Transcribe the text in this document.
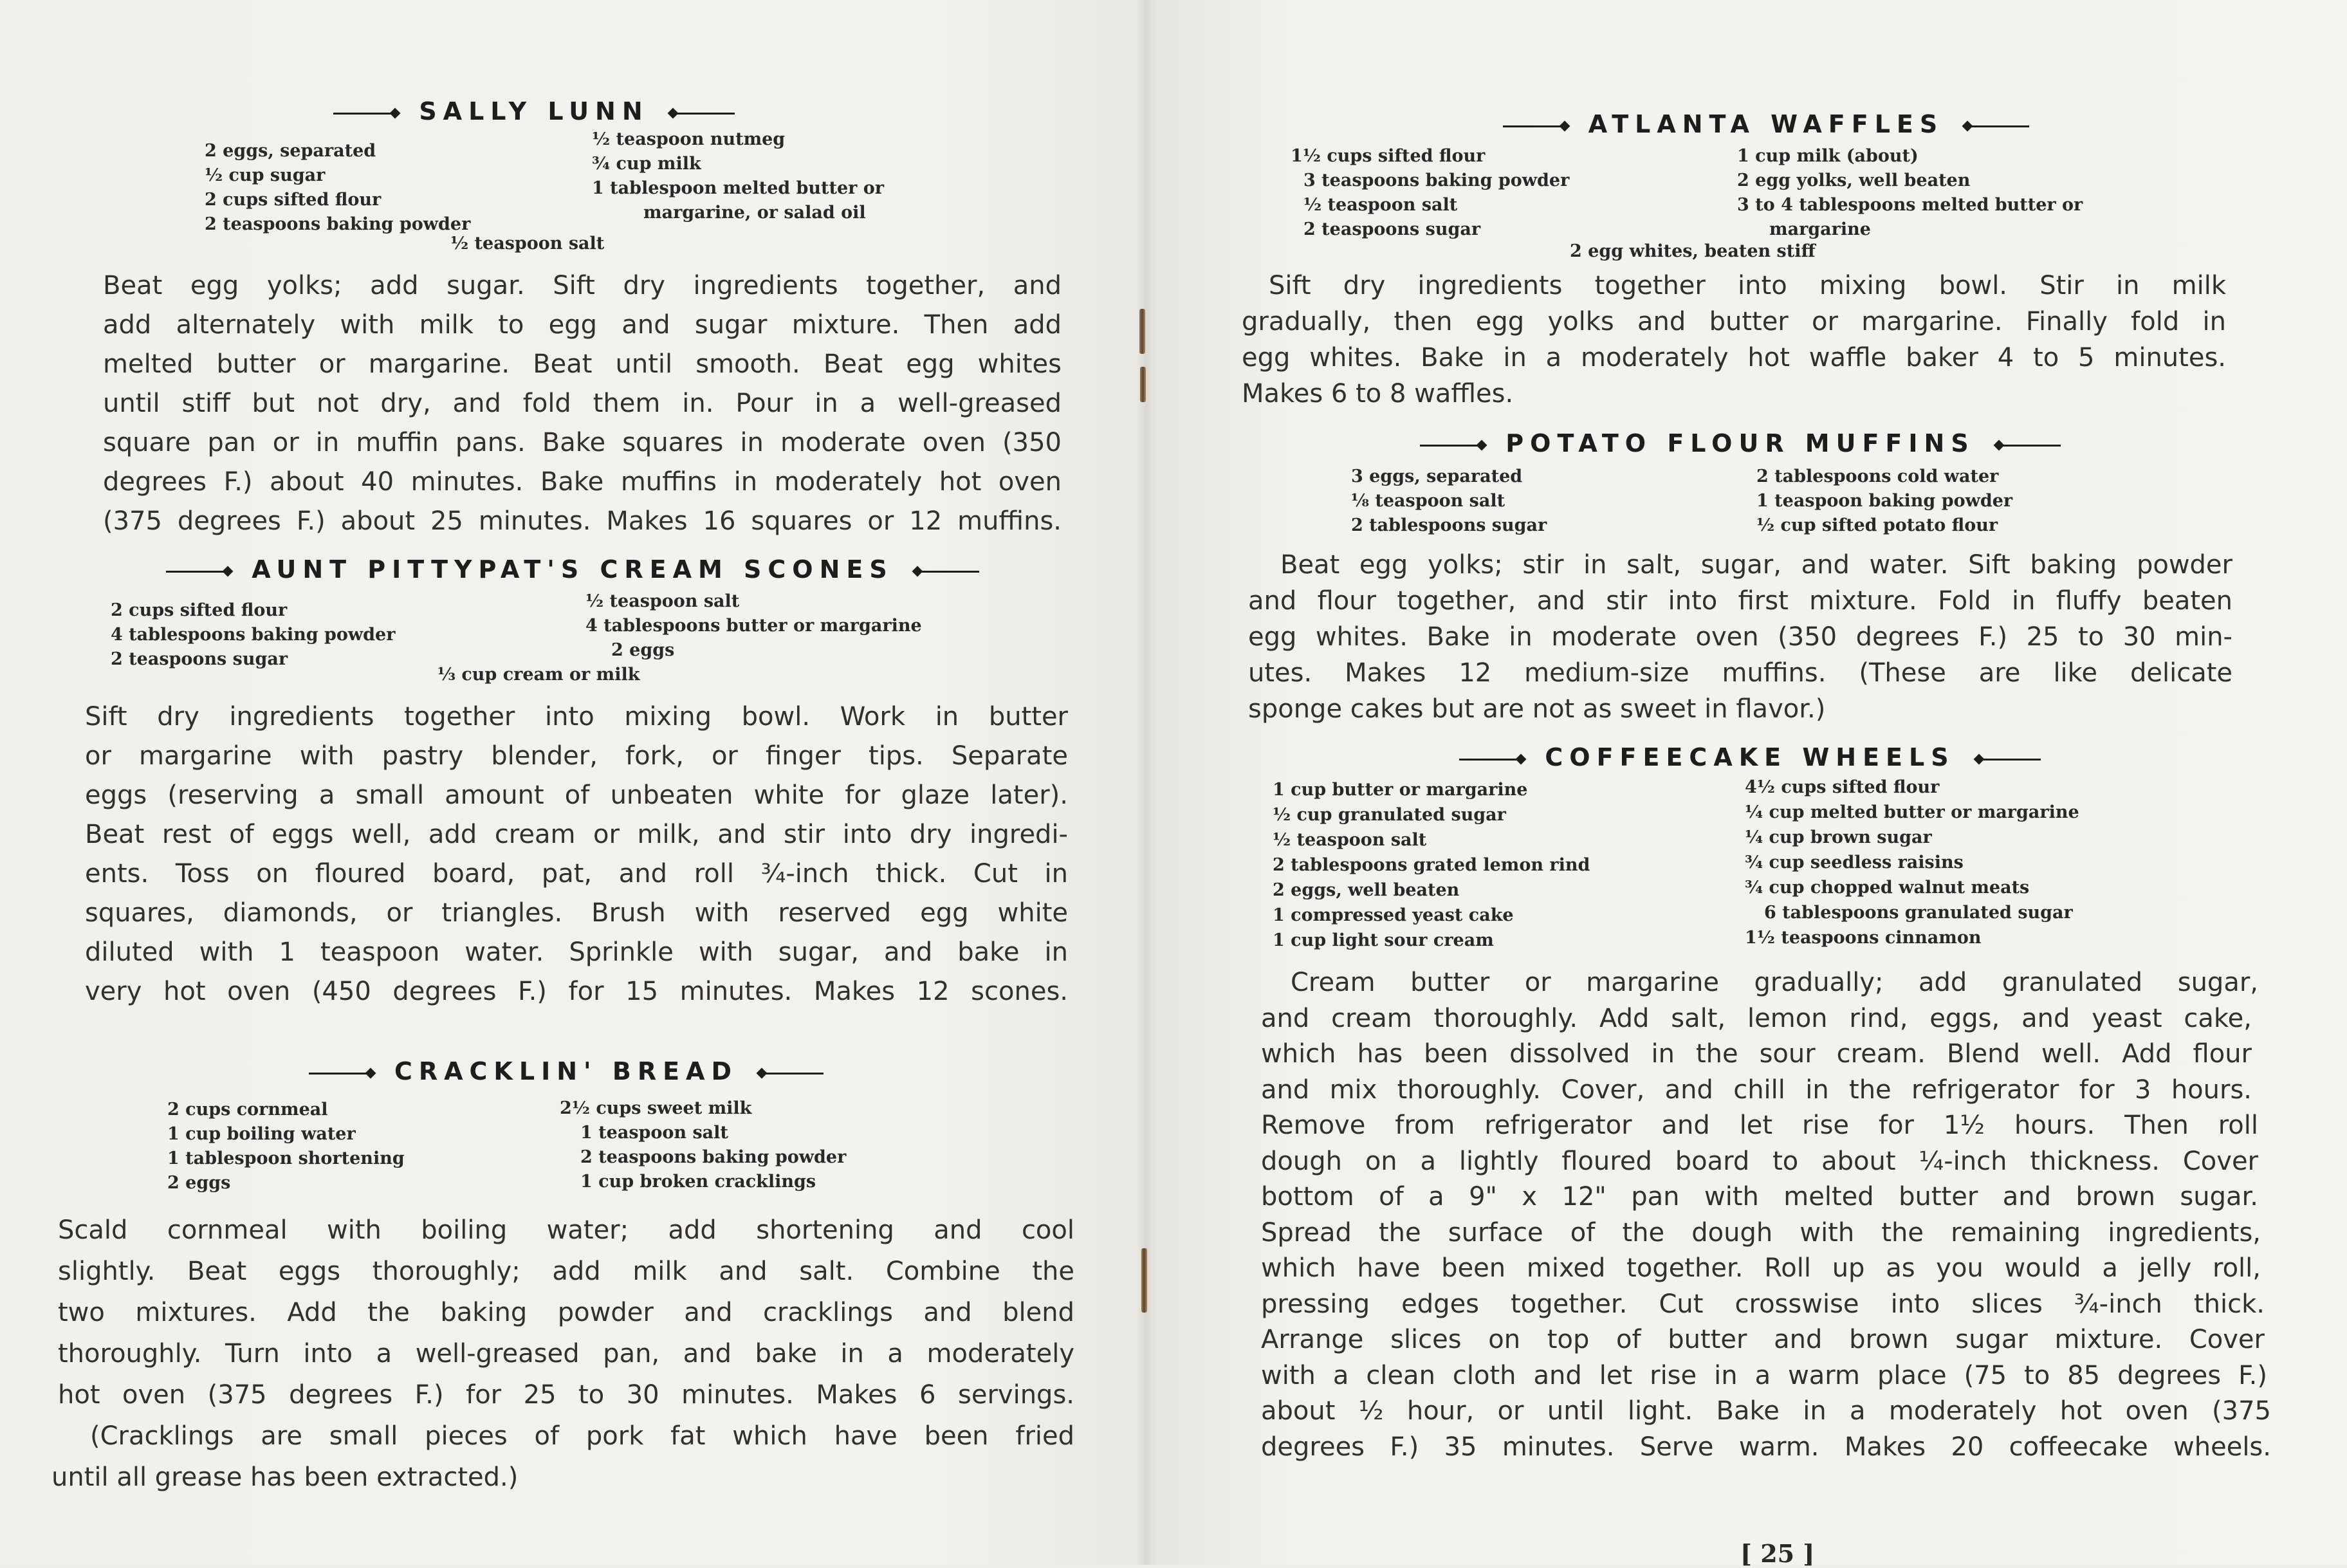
SALLY LUNN
2 eggs, separated
½ cup sugar
2 cups sifted flour
2 teaspoons baking powder
½ teaspoon nutmeg
¾ cup milk
1 tablespoon melted butter or
margarine, or salad oil
½ teaspoon salt
Beat egg yolks; add sugar. Sift dry ingredients together, and
add alternately with milk to egg and sugar mixture. Then add
melted butter or margarine. Beat until smooth. Beat egg whites
until stiff but not dry, and fold them in. Pour in a well-greased
square pan or in muffin pans. Bake squares in moderate oven (350
degrees F.) about 40 minutes. Bake muffins in moderately hot oven
(375 degrees F.) about 25 minutes. Makes 16 squares or 12 muffins.
AUNT PITTYPAT'S CREAM SCONES
2 cups sifted flour
4 tablespoons baking powder
2 teaspoons sugar
½ teaspoon salt
4 tablespoons butter or margarine
2 eggs
⅓ cup cream or milk
Sift dry ingredients together into mixing bowl. Work in butter
or margarine with pastry blender, fork, or finger tips. Separate
eggs (reserving a small amount of unbeaten white for glaze later).
Beat rest of eggs well, add cream or milk, and stir into dry ingredi-
ents. Toss on floured board, pat, and roll ¾-inch thick. Cut in
squares, diamonds, or triangles. Brush with reserved egg white
diluted with 1 teaspoon water. Sprinkle with sugar, and bake in
very hot oven (450 degrees F.) for 15 minutes. Makes 12 scones.
CRACKLIN' BREAD
2 cups cornmeal
1 cup boiling water
1 tablespoon shortening
2 eggs
2½ cups sweet milk
1 teaspoon salt
2 teaspoons baking powder
1 cup broken cracklings
Scald cornmeal with boiling water; add shortening and cool
slightly. Beat eggs thoroughly; add milk and salt. Combine the
two mixtures. Add the baking powder and cracklings and blend
thoroughly. Turn into a well-greased pan, and bake in a moderately
hot oven (375 degrees F.) for 25 to 30 minutes. Makes 6 servings.
(Cracklings are small pieces of pork fat which have been fried
until all grease has been extracted.)
ATLANTA WAFFLES
1½ cups sifted flour
3 teaspoons baking powder
½ teaspoon salt
2 teaspoons sugar
1 cup milk (about)
2 egg yolks, well beaten
3 to 4 tablespoons melted butter or
margarine
2 egg whites, beaten stiff
Sift dry ingredients together into mixing bowl. Stir in milk
gradually, then egg yolks and butter or margarine. Finally fold in
egg whites. Bake in a moderately hot waffle baker 4 to 5 minutes.
Makes 6 to 8 waffles.
POTATO FLOUR MUFFINS
3 eggs, separated
⅛ teaspoon salt
2 tablespoons sugar
2 tablespoons cold water
1 teaspoon baking powder
½ cup sifted potato flour
Beat egg yolks; stir in salt, sugar, and water. Sift baking powder
and flour together, and stir into first mixture. Fold in fluffy beaten
egg whites. Bake in moderate oven (350 degrees F.) 25 to 30 min-
utes. Makes 12 medium-size muffins. (These are like delicate
sponge cakes but are not as sweet in flavor.)
COFFEECAKE WHEELS
1 cup butter or margarine
½ cup granulated sugar
½ teaspoon salt
2 tablespoons grated lemon rind
2 eggs, well beaten
1 compressed yeast cake
1 cup light sour cream
4½ cups sifted flour
¼ cup melted butter or margarine
¼ cup brown sugar
¾ cup seedless raisins
¾ cup chopped walnut meats
6 tablespoons granulated sugar
1½ teaspoons cinnamon
Cream butter or margarine gradually; add granulated sugar,
and cream thoroughly. Add salt, lemon rind, eggs, and yeast cake,
which has been dissolved in the sour cream. Blend well. Add flour
and mix thoroughly. Cover, and chill in the refrigerator for 3 hours.
Remove from refrigerator and let rise for 1½ hours. Then roll
dough on a lightly floured board to about ¼-inch thickness. Cover
bottom of a 9" x 12" pan with melted butter and brown sugar.
Spread the surface of the dough with the remaining ingredients,
which have been mixed together. Roll up as you would a jelly roll,
pressing edges together. Cut crosswise into slices ¾-inch thick.
Arrange slices on top of butter and brown sugar mixture. Cover
with a clean cloth and let rise in a warm place (75 to 85 degrees F.)
about ½ hour, or until light. Bake in a moderately hot oven (375
degrees F.) 35 minutes. Serve warm. Makes 20 coffeecake wheels.
[ 25 ]
